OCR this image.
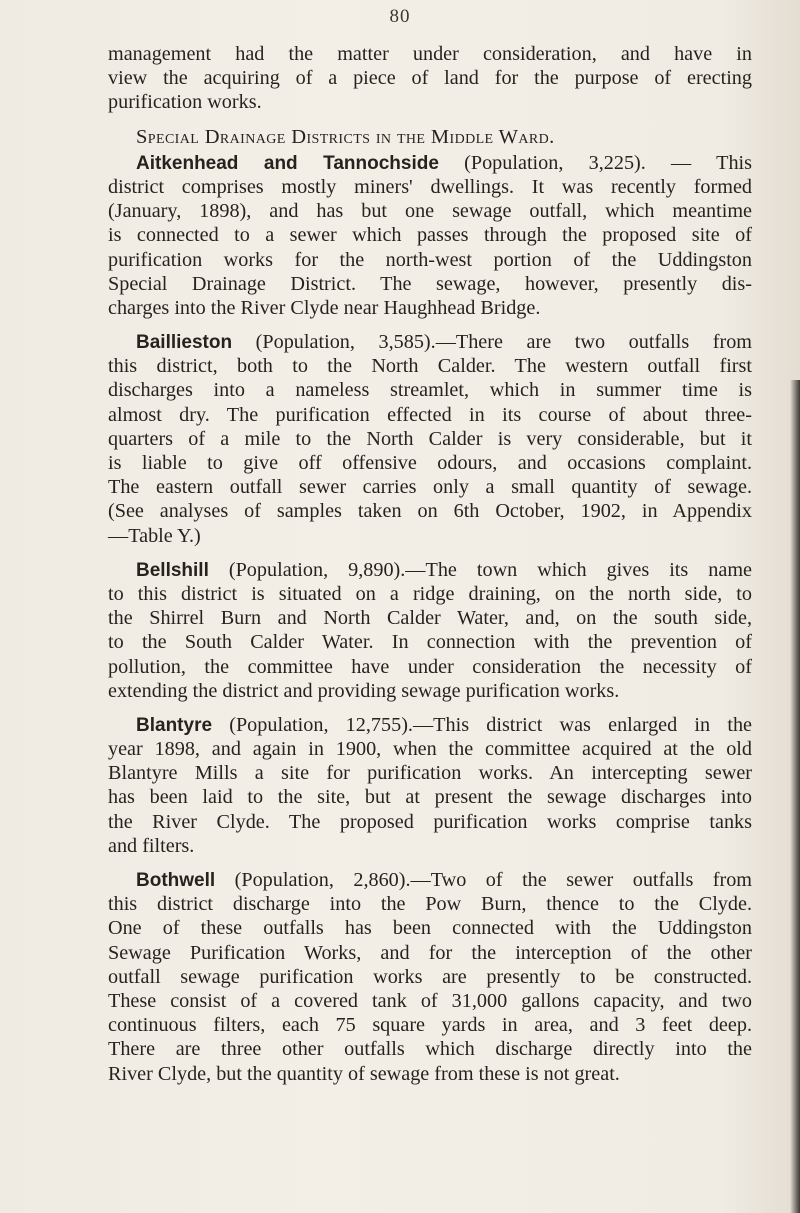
80
management had the matter under consideration, and have in
view the acquiring of a piece of land for the purpose of erecting
purification works.
Special Drainage Districts in the Middle Ward.
Aitkenhead and Tannochside (Population, 3,225). — This
district comprises mostly miners' dwellings. It was recently formed
(January, 1898), and has but one sewage outfall, which meantime
is connected to a sewer which passes through the proposed site of
purification works for the north-west portion of the Uddingston
Special Drainage District. The sewage, however, presently dis-
charges into the River Clyde near Haughhead Bridge.
Baillieston (Population, 3,585).—There are two outfalls from
this district, both to the North Calder. The western outfall first
discharges into a nameless streamlet, which in summer time is
almost dry. The purification effected in its course of about three-
quarters of a mile to the North Calder is very considerable, but it
is liable to give off offensive odours, and occasions complaint.
The eastern outfall sewer carries only a small quantity of sewage.
(See analyses of samples taken on 6th October, 1902, in Appendix
—Table Y.)
Bellshill (Population, 9,890).—The town which gives its name
to this district is situated on a ridge draining, on the north side, to
the Shirrel Burn and North Calder Water, and, on the south side,
to the South Calder Water. In connection with the prevention of
pollution, the committee have under consideration the necessity of
extending the district and providing sewage purification works.
Blantyre (Population, 12,755).—This district was enlarged in the
year 1898, and again in 1900, when the committee acquired at the old
Blantyre Mills a site for purification works. An intercepting sewer
has been laid to the site, but at present the sewage discharges into
the River Clyde. The proposed purification works comprise tanks
and filters.
Bothwell (Population, 2,860).—Two of the sewer outfalls from
this district discharge into the Pow Burn, thence to the Clyde.
One of these outfalls has been connected with the Uddingston
Sewage Purification Works, and for the interception of the other
outfall sewage purification works are presently to be constructed.
These consist of a covered tank of 31,000 gallons capacity, and two
continuous filters, each 75 square yards in area, and 3 feet deep.
There are three other outfalls which discharge directly into the
River Clyde, but the quantity of sewage from these is not great.
